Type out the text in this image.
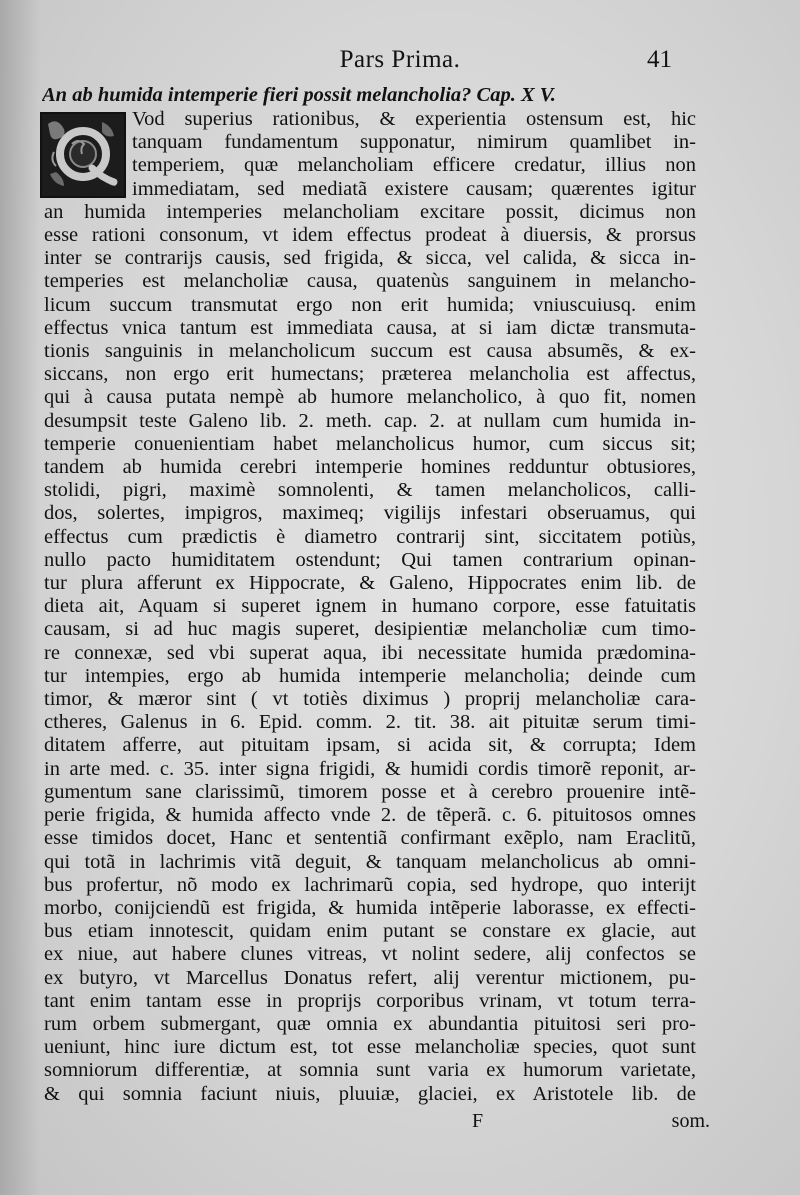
Pars Prima.	41
An ab humida intemperie fieri possit melancholia? Cap. X V.
Vod superius rationibus, & experientia ostensum est, hic
tanquam fundamentum supponatur, nimirum quamlibet in-
temperiem, quæ melancholiam efficere credatur, illius non
immediatam, sed mediatã existere causam; quærentes igitur
an humida intemperies melancholiam excitare possit, dicimus non
esse rationi consonum, vt idem effectus prodeat à diuersis, & prorsus
inter se contrarijs causis, sed frigida, & sicca, vel calida, & sicca in-
temperies est melancholiæ causa, quatenùs sanguinem in melancho-
licum succum transmutat ergo non erit humida; vniuscuiusq. enim
effectus vnica tantum est immediata causa, at si iam dictæ transmuta-
tionis sanguinis in melancholicum succum est causa absumẽs, & ex-
siccans, non ergo erit humectans; præterea melancholia est affectus,
qui à causa putata nempè ab humore melancholico, à quo fit, nomen
desumpsit teste Galeno lib. 2. meth. cap. 2. at nullam cum humida in-
temperie conuenientiam habet melancholicus humor, cum siccus sit;
tandem ab humida cerebri intemperie homines redduntur obtusiores,
stolidi, pigri, maximè somnolenti, & tamen melancholicos, calli-
dos, solertes, impigros, maximeq; vigilijs infestari obseruamus, qui
effectus cum prædictis è diametro contrarij sint, siccitatem potiùs,
nullo pacto humiditatem ostendunt; Qui tamen contrarium opinan-
tur plura afferunt ex Hippocrate, & Galeno, Hippocrates enim lib. de
dieta ait, Aquam si superet ignem in humano corpore, esse fatuitatis
causam, si ad huc magis superet, desipientiæ melancholiæ cum timo-
re connexæ, sed vbi superat aqua, ibi necessitate humida prædomina-
tur intempies, ergo ab humida intemperie melancholia; deinde cum
timor, & mæror sint ( vt totiès diximus ) proprij melancholiæ cara-
ctheres, Galenus in 6. Epid. comm. 2. tit. 38. ait pituitæ serum timi-
ditatem afferre, aut pituitam ipsam, si acida sit, & corrupta; Idem
in arte med. c. 35. inter signa frigidi, & humidi cordis timorẽ reponit, ar-
gumentum sane clarissimũ, timorem posse et à cerebro prouenire intẽ-
perie frigida, & humida affecto vnde 2. de tẽperã. c. 6. pituitosos omnes
esse timidos docet, Hanc et sententiã confirmant exẽplo, nam Eraclitũ,
qui totã in lachrimis vitã deguit, & tanquam melancholicus ab omni-
bus profertur, nõ modo ex lachrimarũ copia, sed hydrope, quo interijt
morbo, conijciendũ est frigida, & humida intẽperie laborasse, ex effecti-
bus etiam innotescit, quidam enim putant se constare ex glacie, aut
ex niue, aut habere clunes vitreas, vt nolint sedere, alij confectos se
ex butyro, vt Marcellus Donatus refert, alij verentur mictionem, pu-
tant enim tantam esse in proprijs corporibus vrinam, vt totum terra-
rum orbem submergant, quæ omnia ex abundantia pituitosi seri pro-
ueniunt, hinc iure dictum est, tot esse melancholiæ species, quot sunt
somniorum differentiæ, at somnia sunt varia ex humorum varietate,
& qui somnia faciunt niuis, pluuiæ, glaciei, ex Aristotele lib. de
F	som.
